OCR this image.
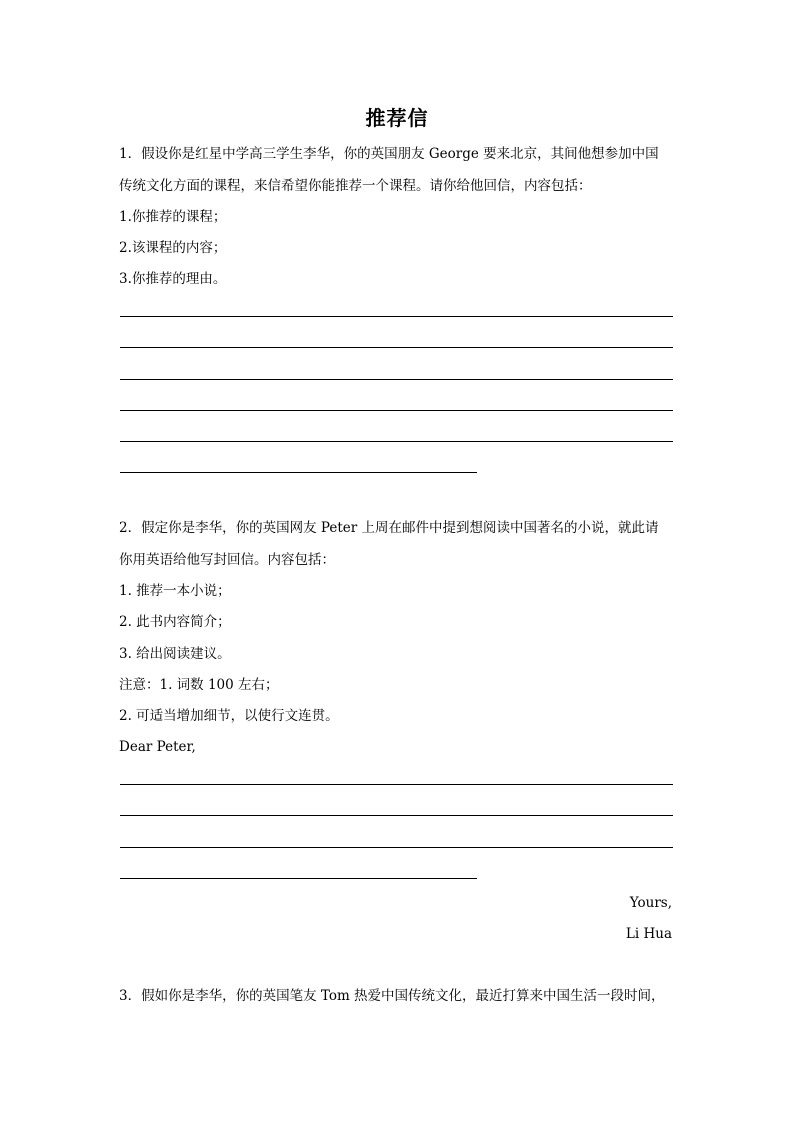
推荐信
1．假设你是红星中学高三学生李华，你的英国朋友 George 要来北京，其间他想参加中国
传统文化方面的课程，来信希望你能推荐一个课程。请你给他回信，内容包括：
1.你推荐的课程；
2.该课程的内容；
3.你推荐的理由。
2．假定你是李华，你的英国网友 Peter 上周在邮件中提到想阅读中国著名的小说，就此请
你用英语给他写封回信。内容包括：
1. 推荐一本小说；
2. 此书内容简介；
3. 给出阅读建议。
注意：1. 词数 100 左右；
2. 可适当增加细节，以使行文连贯。
Dear Peter,
Yours,
Li Hua
3．假如你是李华，你的英国笔友 Tom 热爱中国传统文化，最近打算来中国生活一段时间，
